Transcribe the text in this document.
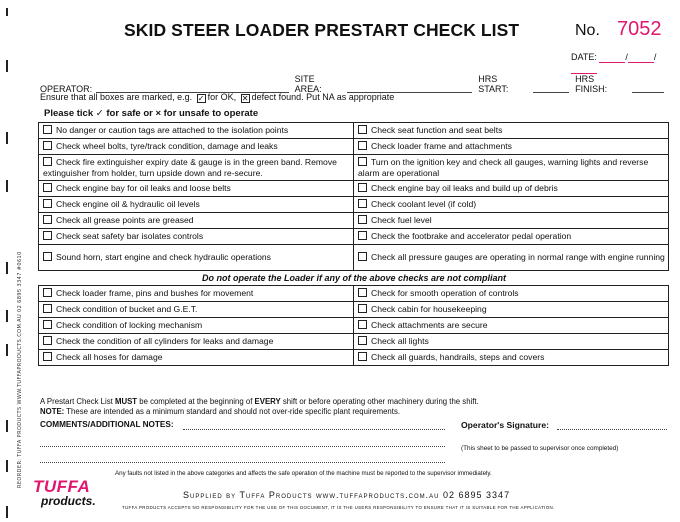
REORDER: TUFFA PRODUCTS WWW.TUFFAPRODUCTS.COM.AU 02 6895 3347 #0610
SKID STEER LOADER PRESTART CHECK LIST	No. 7052
DATE:	/	/
OPERATOR:
SITE AREA:
HRS START:
HRS FINISH:
Ensure that all boxes are marked, e.g. ✓ for OK, ✕ defect found. Put NA as appropriate
Please tick ✓ for safe or × for unsafe to operate
No danger or caution tags are attached to the isolation points	Check seat function and seat belts
Check wheel bolts, tyre/track condition, damage and leaks	Check loader frame and attachments
Check fire extinguisher expiry date & gauge is in the green band. Remove extinguisher from holder, turn upside down and re-secure.	Turn on the ignition key and check all gauges, warning lights and reverse alarm are operational
Check engine bay for oil leaks and loose belts	Check engine bay oil leaks and build up of debris
Check engine oil & hydraulic oil levels	Check coolant level (if cold)
Check all grease points are greased	Check fuel level
Check seat safety bar isolates controls	Check the footbrake and accelerator pedal operation
Sound horn, start engine and check hydraulic operations	Check all pressure gauges are operating in normal range with engine running
Do not operate the Loader if any of the above checks are not compliant	
Check loader frame, pins and bushes for movement	Check for smooth operation of controls
Check condition of bucket and G.E.T.	Check cabin for housekeeping
Check condition of locking mechanism	Check attachments are secure
Check the condition of all cylinders for leaks and damage	Check all lights
Check all hoses for damage	Check all guards, handrails, steps and covers
A Prestart Check List MUST be completed at the beginning of EVERY shift or before operating other machinery during the shift.
NOTE: These are intended as a minimum standard and should not over-ride specific plant requirements.
COMMENTS/ADDITIONAL NOTES:	Operator's Signature:
(This sheet to be passed to supervisor once completed)
Any faults not listed in the above categories and affects the safe operation of the machine must be reported to the supervisor immediately.
TUFFA
products.	Supplied by Tuffa Products www.tuffaproducts.com.au 02 6895 3347
TUFFA PRODUCTS ACCEPTS NO RESPONSIBILITY FOR THE USE OF THIS DOCUMENT, IT IS THE USERS RESPONSIBILITY TO ENSURE THAT IT IS SUITABLE FOR THE APPLICATION.
